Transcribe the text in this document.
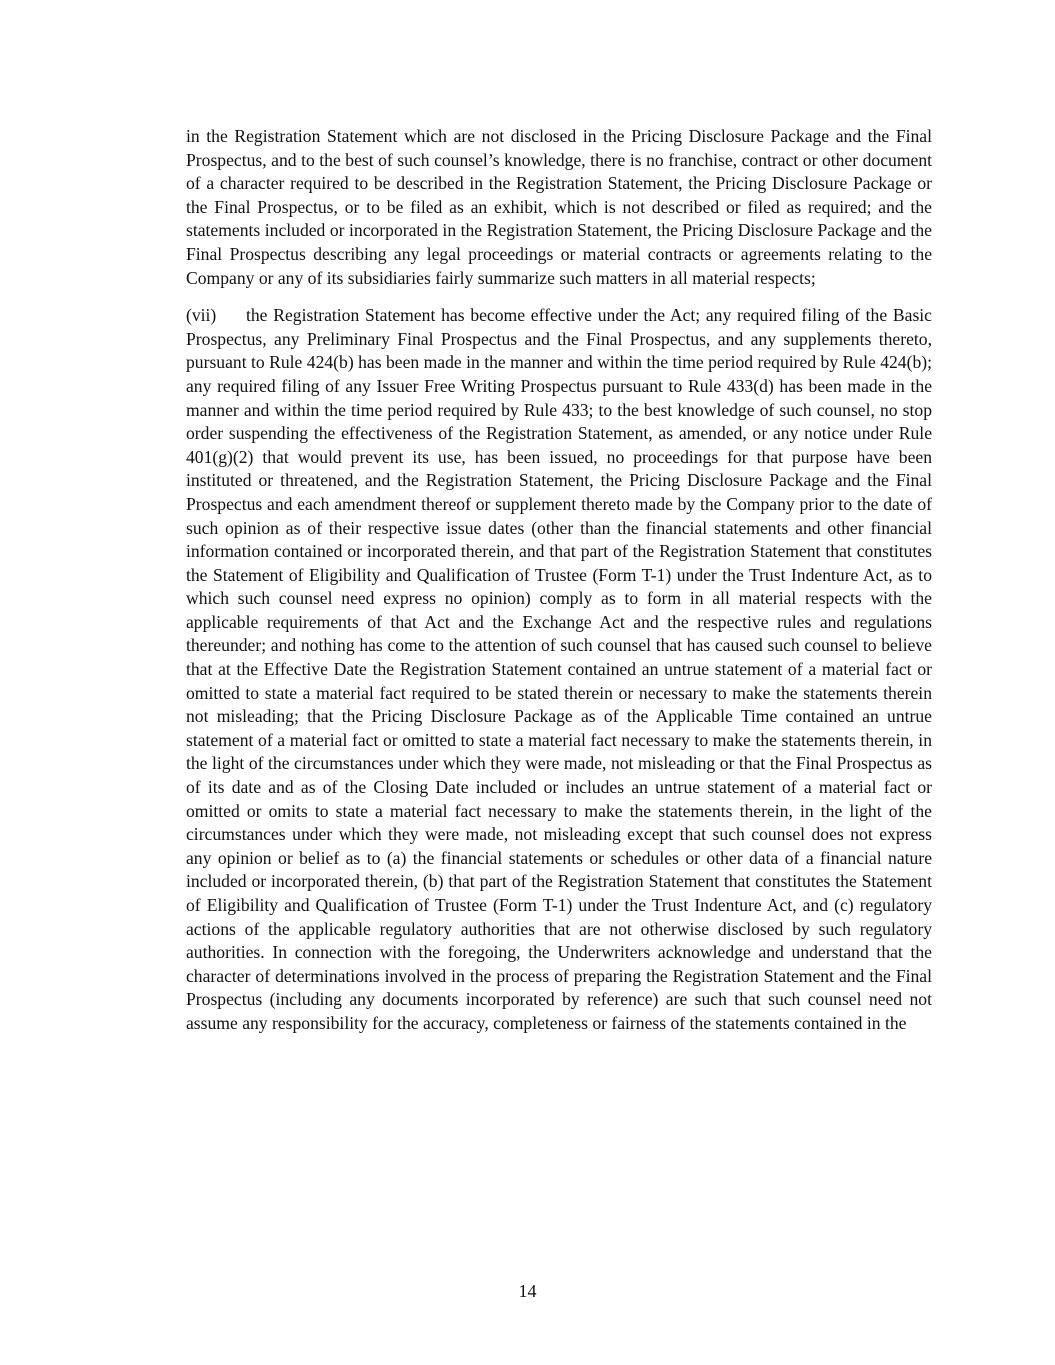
in the Registration Statement which are not disclosed in the Pricing Disclosure Package and the Final Prospectus, and to the best of such counsel’s knowledge, there is no franchise, contract or other document of a character required to be described in the Registration Statement, the Pricing Disclosure Package or the Final Prospectus, or to be filed as an exhibit, which is not described or filed as required; and the statements included or incorporated in the Registration Statement, the Pricing Disclosure Package and the Final Prospectus describing any legal proceedings or material contracts or agreements relating to the Company or any of its subsidiaries fairly summarize such matters in all material respects;

(vii) the Registration Statement has become effective under the Act; any required filing of the Basic Prospectus, any Preliminary Final Prospectus and the Final Prospectus, and any supplements thereto, pursuant to Rule 424(b) has been made in the manner and within the time period required by Rule 424(b); any required filing of any Issuer Free Writing Prospectus pursuant to Rule 433(d) has been made in the manner and within the time period required by Rule 433; to the best knowledge of such counsel, no stop order suspending the effectiveness of the Registration Statement, as amended, or any notice under Rule 401(g)(2) that would prevent its use, has been issued, no proceedings for that purpose have been instituted or threatened, and the Registration Statement, the Pricing Disclosure Package and the Final Prospectus and each amendment thereof or supplement thereto made by the Company prior to the date of such opinion as of their respective issue dates (other than the financial statements and other financial information contained or incorporated therein, and that part of the Registration Statement that constitutes the Statement of Eligibility and Qualification of Trustee (Form T-1) under the Trust Indenture Act, as to which such counsel need express no opinion) comply as to form in all material respects with the applicable requirements of that Act and the Exchange Act and the respective rules and regulations thereunder; and nothing has come to the attention of such counsel that has caused such counsel to believe that at the Effective Date the Registration Statement contained an untrue statement of a material fact or omitted to state a material fact required to be stated therein or necessary to make the statements therein not misleading; that the Pricing Disclosure Package as of the Applicable Time contained an untrue statement of a material fact or omitted to state a material fact necessary to make the statements therein, in the light of the circumstances under which they were made, not misleading or that the Final Prospectus as of its date and as of the Closing Date included or includes an untrue statement of a material fact or omitted or omits to state a material fact necessary to make the statements therein, in the light of the circumstances under which they were made, not misleading except that such counsel does not express any opinion or belief as to (a) the financial statements or schedules or other data of a financial nature included or incorporated therein, (b) that part of the Registration Statement that constitutes the Statement of Eligibility and Qualification of Trustee (Form T-1) under the Trust Indenture Act, and (c) regulatory actions of the applicable regulatory authorities that are not otherwise disclosed by such regulatory authorities. In connection with the foregoing, the Underwriters acknowledge and understand that the character of determinations involved in the process of preparing the Registration Statement and the Final Prospectus (including any documents incorporated by reference) are such that such counsel need not assume any responsibility for the accuracy, completeness or fairness of the statements contained in the

14
